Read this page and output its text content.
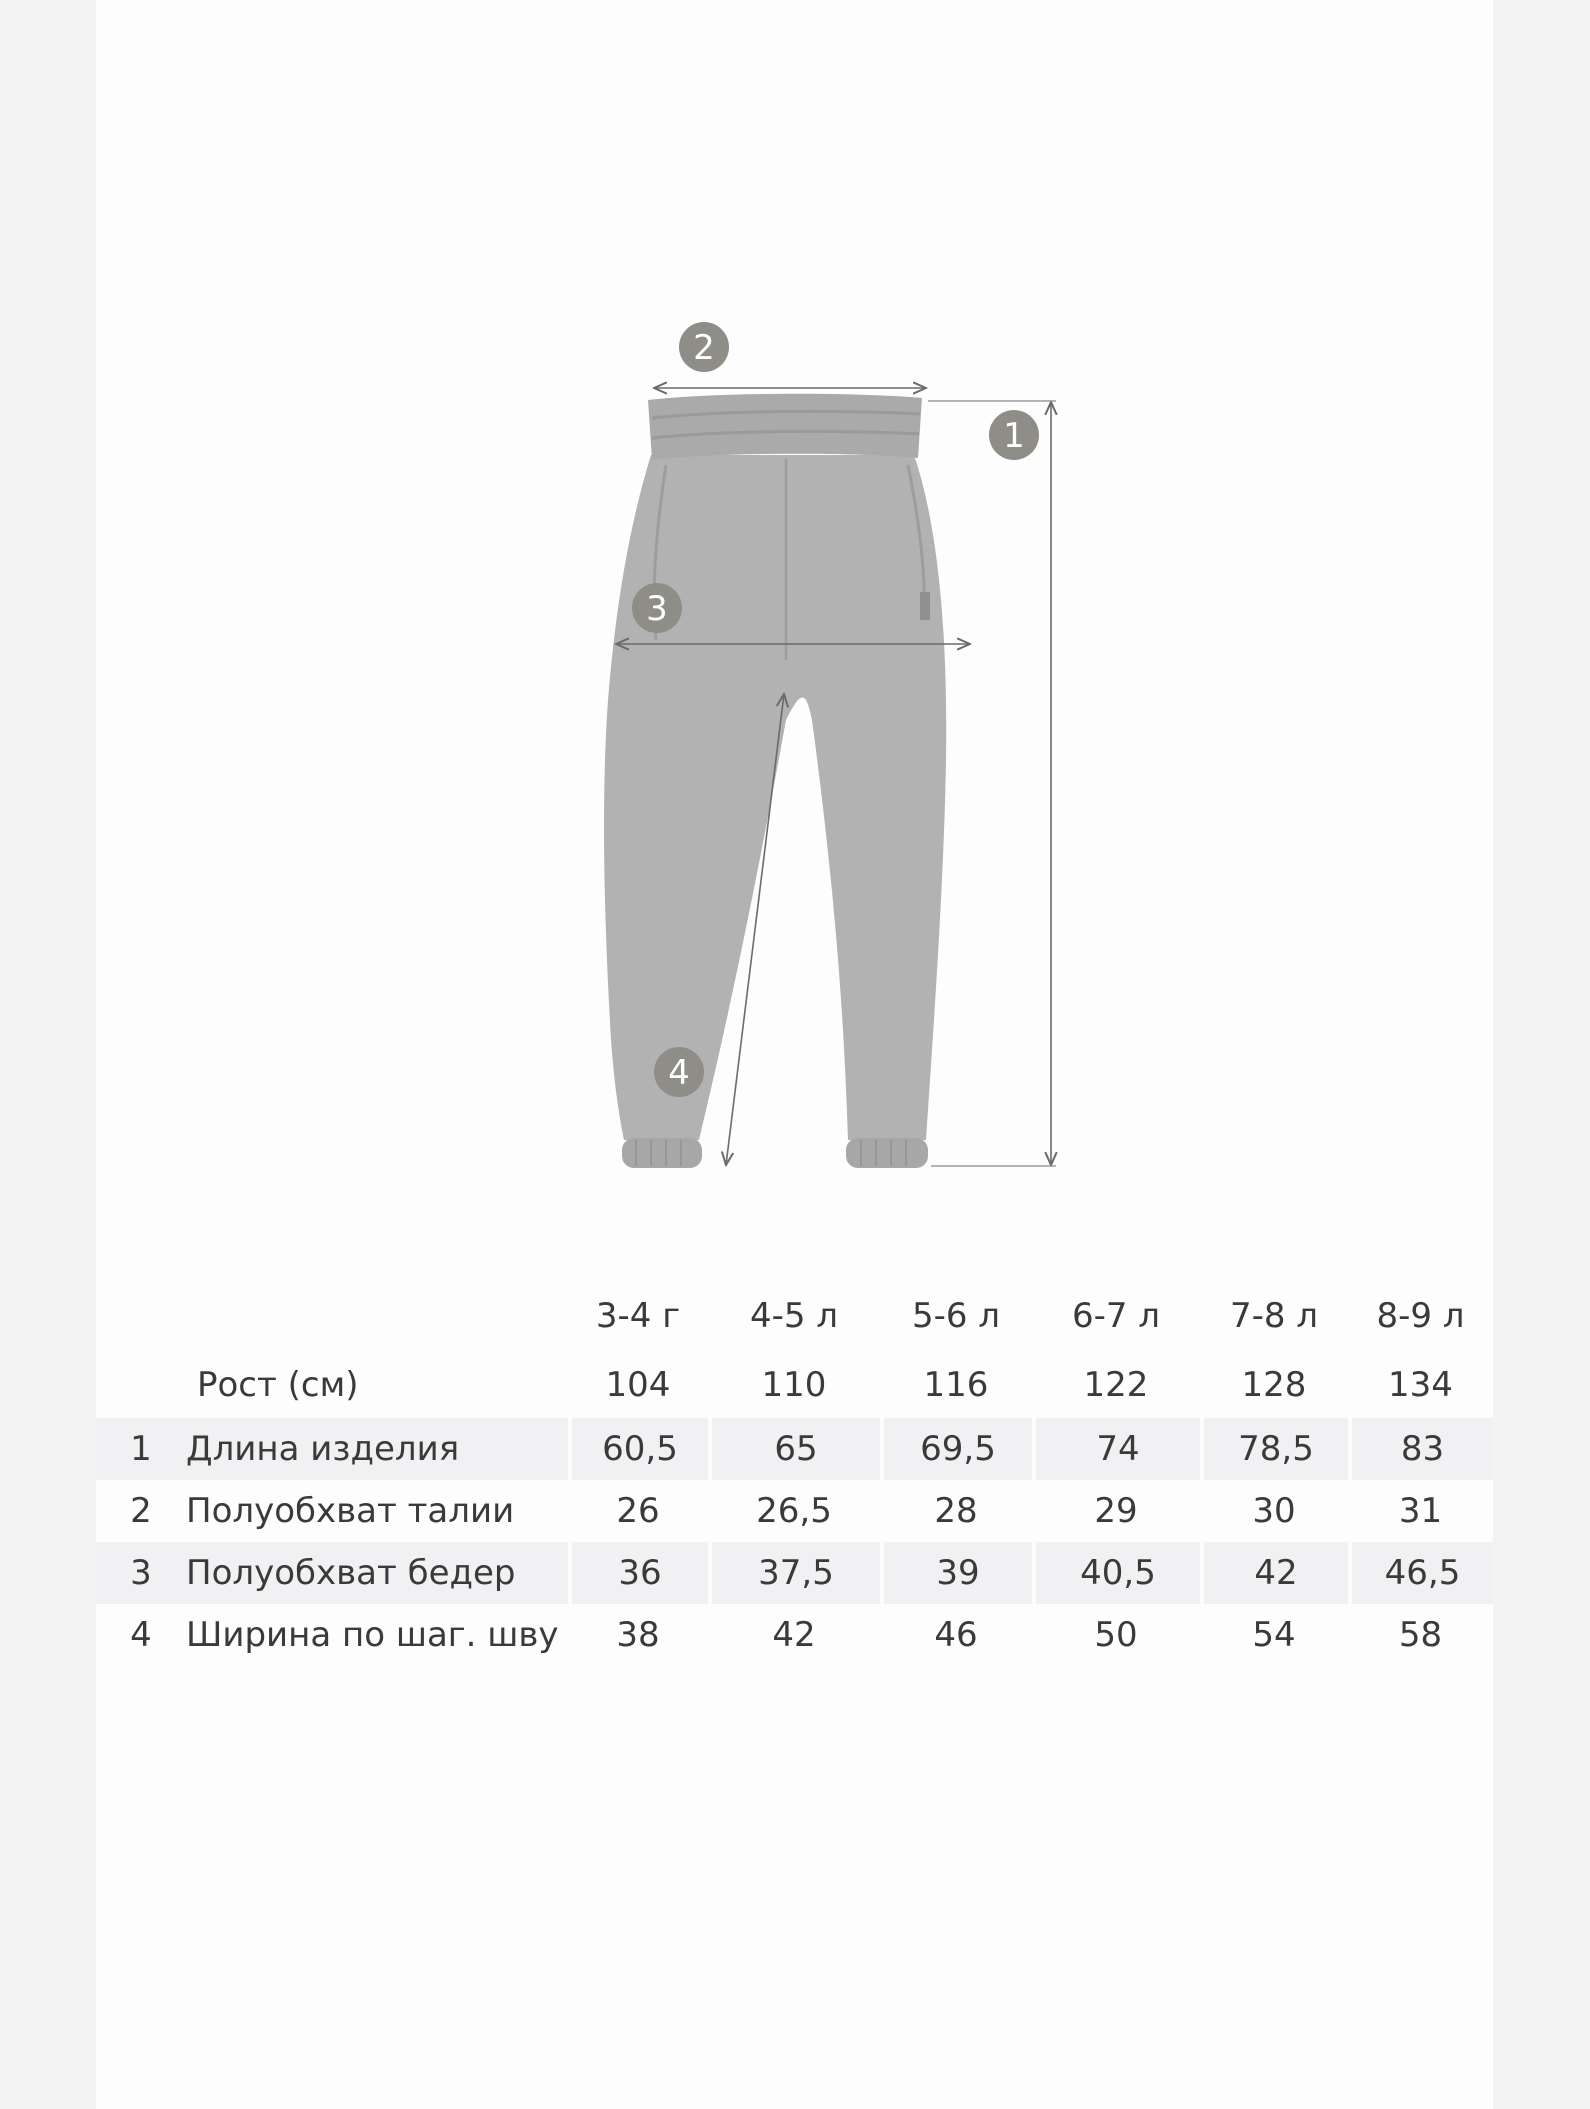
1
2
3
4
		3-4 г	4-5 л	5-6 л	6-7 л	7-8 л	8-9 л
	Рост (см)	104	110	116	122	128	134
1	Длина изделия	60,5	65	69,5	74	78,5	83
2	Полуобхват талии	26	26,5	28	29	30	31
3	Полуобхват бедер	36	37,5	39	40,5	42	46,5
4	Ширина по шаг. шву	38	42	46	50	54	58
